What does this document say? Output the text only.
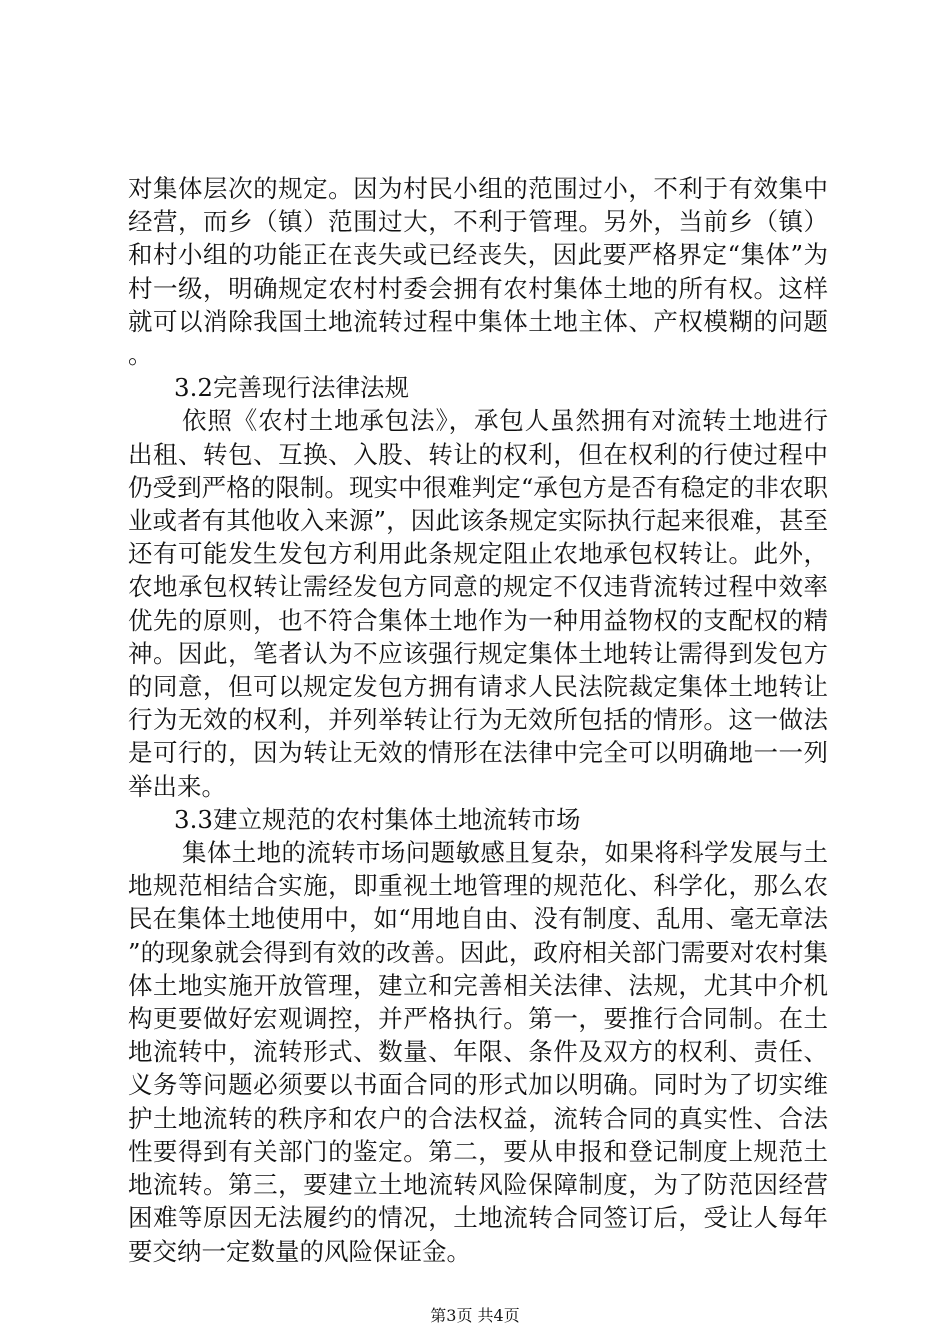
对集体层次的规定。因为村民小组的范围过小，不利于有效集中经营，而乡（镇）范围过大，不利于管理。另外，当前乡（镇）和村小组的功能正在丧失或已经丧失，因此要严格界定“集体”为村一级，明确规定农村村委会拥有农村集体土地的所有权。这样就可以消除我国土地流转过程中集体土地主体、产权模糊的问题。

3.2完善现行法律法规

依照《农村土地承包法》，承包人虽然拥有对流转土地进行出租、转包、互换、入股、转让的权利，但在权利的行使过程中仍受到严格的限制。现实中很难判定“承包方是否有稳定的非农职业或者有其他收入来源”，因此该条规定实际执行起来很难，甚至还有可能发生发包方利用此条规定阻止农地承包权转让。此外，农地承包权转让需经发包方同意的规定不仅违背流转过程中效率优先的原则，也不符合集体土地作为一种用益物权的支配权的精神。因此，笔者认为不应该强行规定集体土地转让需得到发包方的同意，但可以规定发包方拥有请求人民法院裁定集体土地转让行为无效的权利，并列举转让行为无效所包括的情形。这一做法是可行的，因为转让无效的情形在法律中完全可以明确地一一列举出来。

3.3建立规范的农村集体土地流转市场

集体土地的流转市场问题敏感且复杂，如果将科学发展与土地规范相结合实施，即重视土地管理的规范化、科学化，那么农民在集体土地使用中，如“用地自由、没有制度、乱用、毫无章法”的现象就会得到有效的改善。因此，政府相关部门需要对农村集体土地实施开放管理，建立和完善相关法律、法规，尤其中介机构更要做好宏观调控，并严格执行。第一，要推行合同制。在土地流转中，流转形式、数量、年限、条件及双方的权利、责任、义务等问题必须要以书面合同的形式加以明确。同时为了切实维护土地流转的秩序和农户的合法权益，流转合同的真实性、合法性要得到有关部门的鉴定。第二，要从申报和登记制度上规范土地流转。第三，要建立土地流转风险保障制度，为了防范因经营困难等原因无法履约的情况，土地流转合同签订后，受让人每年要交纳一定数量的风险保证金。

第3页 共4页
